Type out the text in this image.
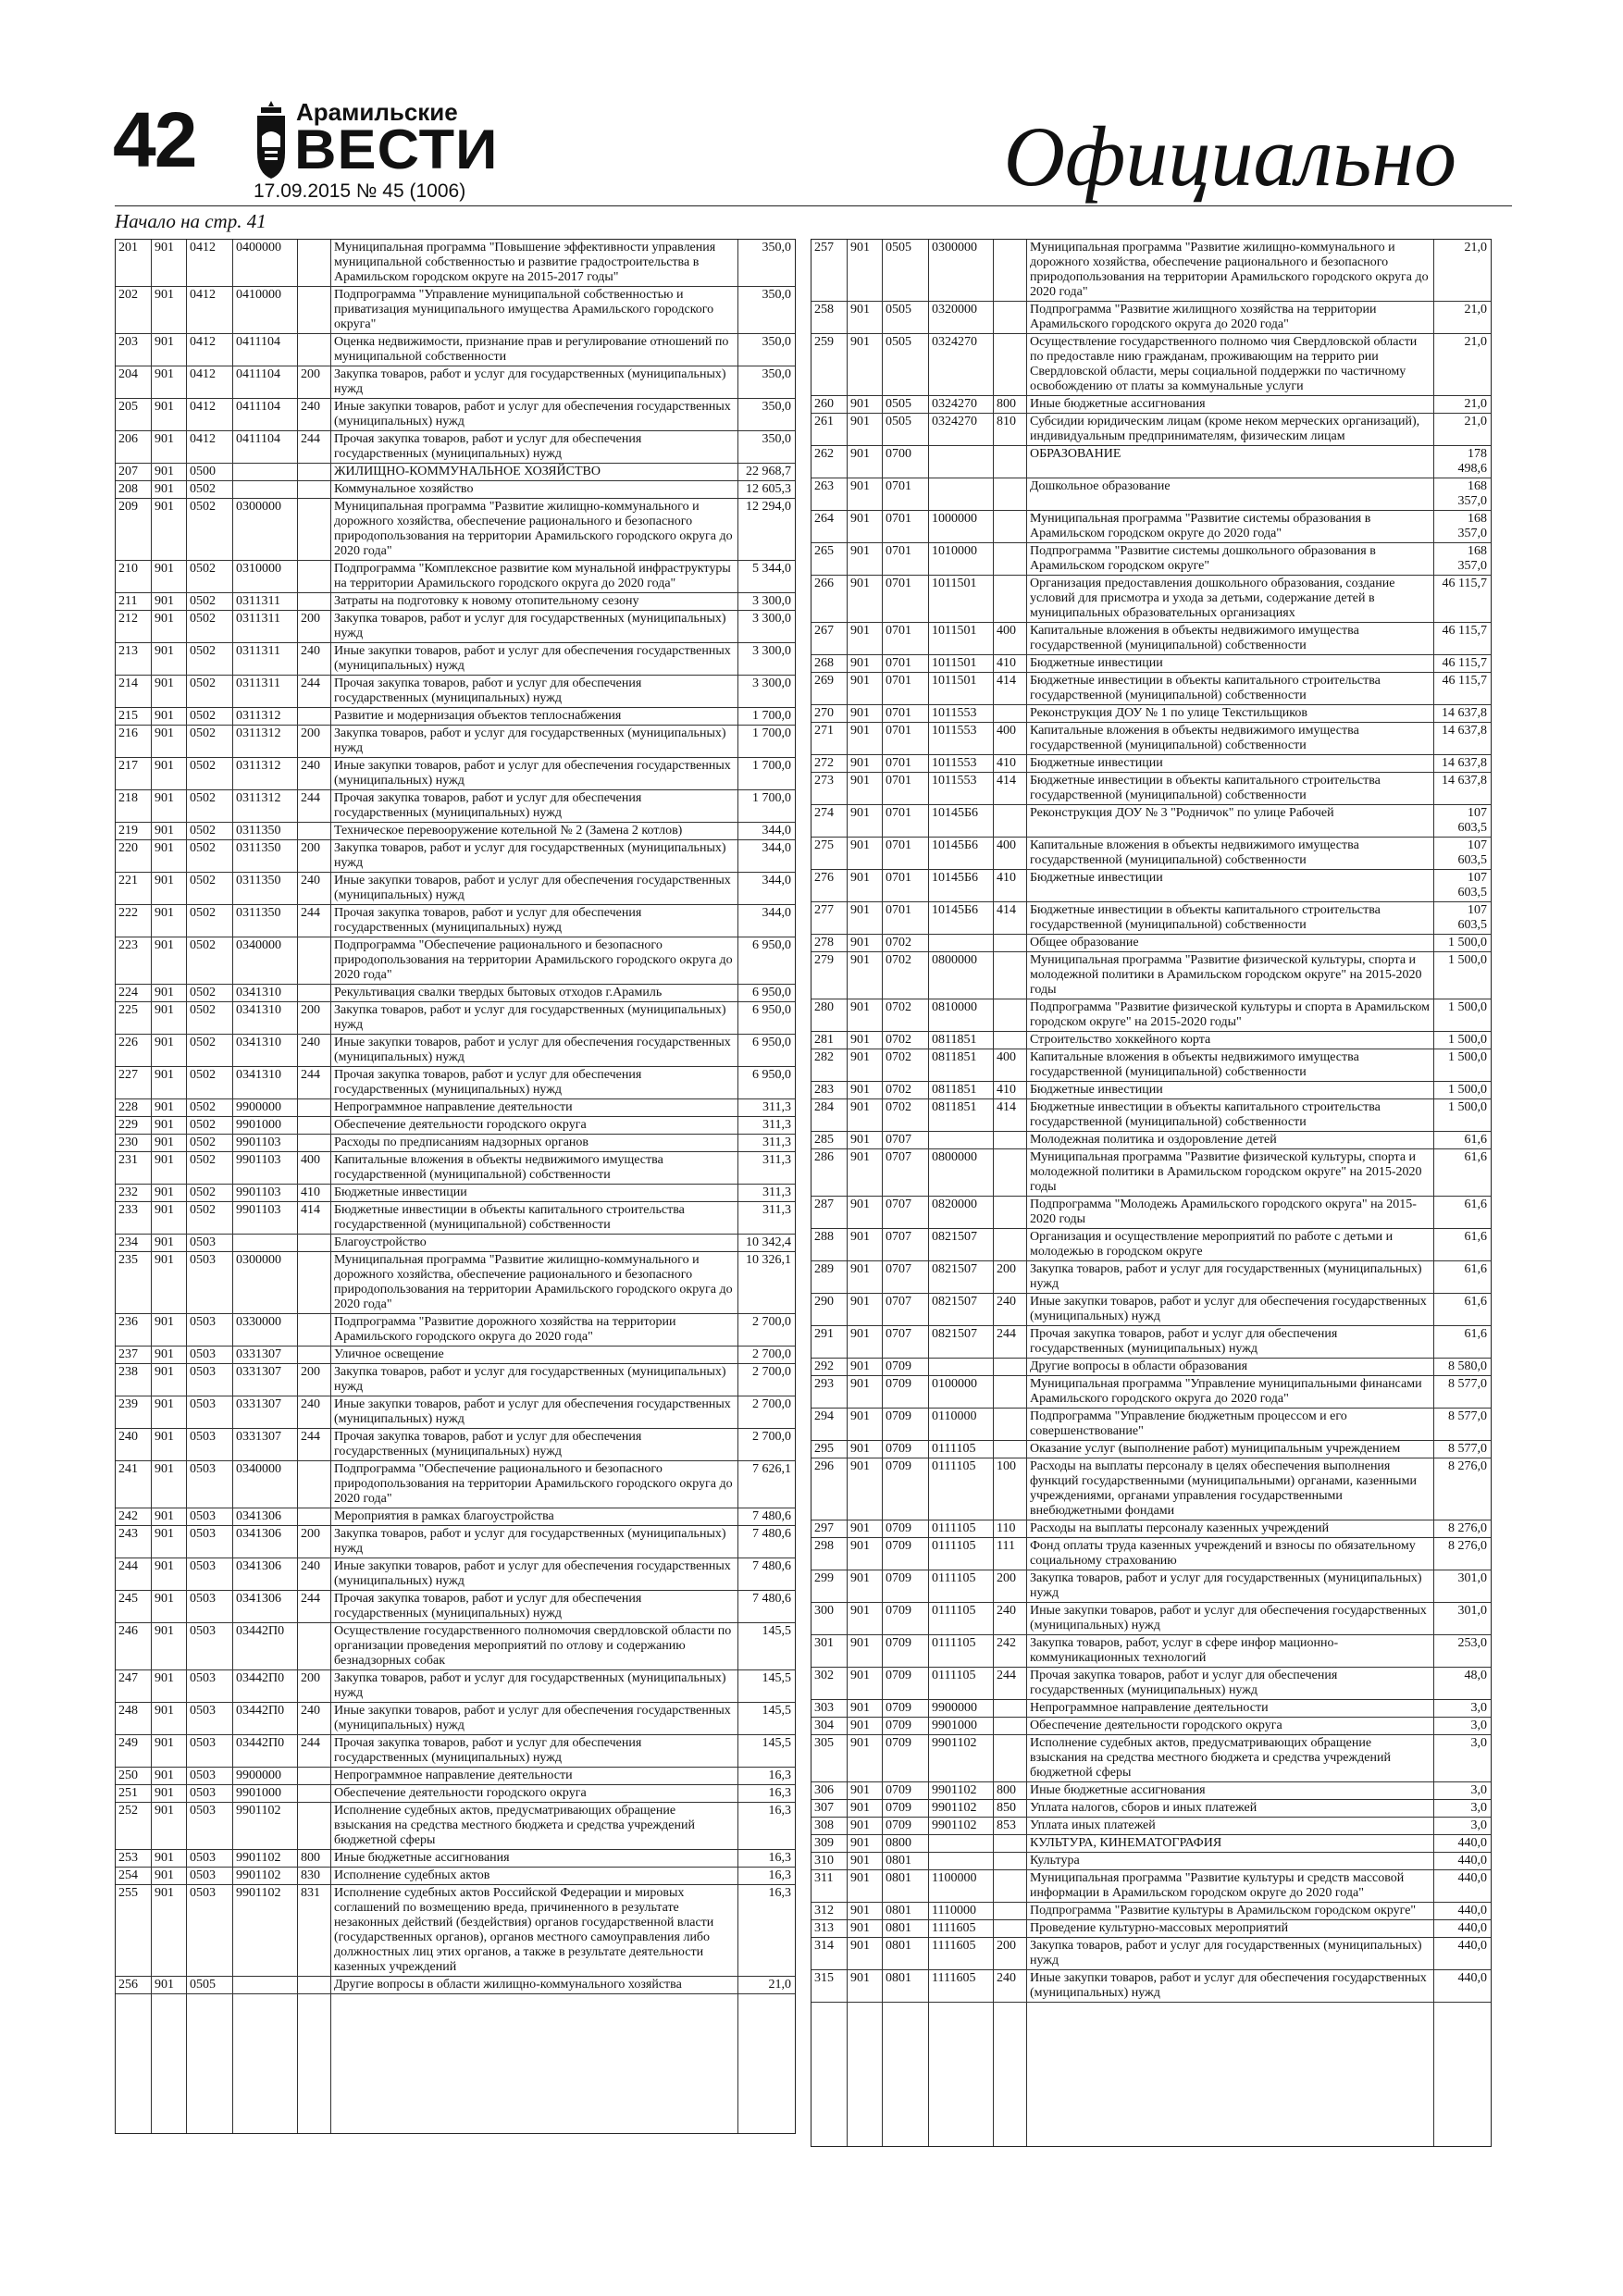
42	Арамильские
ВЕСТИ
17.09.2015 № 45 (1006)	Официально
Начало на стр. 41
201	901	0412	0400000		Муниципальная программа "Повышение эффективности управления муниципальной собственностью и развитие градостроительства в Арамильском городском округе на 2015-2017 годы"	350,0
202	901	0412	0410000		Подпрограмма "Управление муниципальной собственностью и приватизация муниципального имущества Арамильского городского округа"	350,0
203	901	0412	0411104		Оценка недвижимости, признание прав и регулирование отношений по муниципальной собственности	350,0
204	901	0412	0411104	200	Закупка товаров, работ и услуг для государственных (муниципальных) нужд	350,0
205	901	0412	0411104	240	Иные закупки товаров, работ и услуг для обеспечения государственных (муниципальных) нужд	350,0
206	901	0412	0411104	244	Прочая закупка товаров, работ и услуг для обеспечения государственных (муниципальных) нужд	350,0
207	901	0500			ЖИЛИЩНО-КОММУНАЛЬНОЕ ХОЗЯЙСТВО	22 968,7
208	901	0502			Коммунальное хозяйство	12 605,3
209	901	0502	0300000		Муниципальная программа "Развитие жилищно-коммунального и дорожного хозяйства, обеспечение рационального и безопасного природопользования на территории Арамильского городского округа до 2020 года"	12 294,0
210	901	0502	0310000		Подпрограмма "Комплексное развитие ком мунальной инфраструктуры на территории Арамильского городского округа до 2020 года"	5 344,0
211	901	0502	0311311		Затраты на подготовку к новому отопительному сезону	3 300,0
212	901	0502	0311311	200	Закупка товаров, работ и услуг для государственных (муниципальных) нужд	3 300,0
213	901	0502	0311311	240	Иные закупки товаров, работ и услуг для обеспечения государственных (муниципальных) нужд	3 300,0
214	901	0502	0311311	244	Прочая закупка товаров, работ и услуг для обеспечения государственных (муниципальных) нужд	3 300,0
215	901	0502	0311312		Развитие и модернизация объектов теплоснабжения	1 700,0
216	901	0502	0311312	200	Закупка товаров, работ и услуг для государственных (муниципальных) нужд	1 700,0
217	901	0502	0311312	240	Иные закупки товаров, работ и услуг для обеспечения государственных (муниципальных) нужд	1 700,0
218	901	0502	0311312	244	Прочая закупка товаров, работ и услуг для обеспечения государственных (муниципальных) нужд	1 700,0
219	901	0502	0311350		Техническое перевооружение котельной № 2 (Замена 2 котлов)	344,0
220	901	0502	0311350	200	Закупка товаров, работ и услуг для государственных (муниципальных) нужд	344,0
221	901	0502	0311350	240	Иные закупки товаров, работ и услуг для обеспечения государственных (муниципальных) нужд	344,0
222	901	0502	0311350	244	Прочая закупка товаров, работ и услуг для обеспечения государственных (муниципальных) нужд	344,0
223	901	0502	0340000		Подпрограмма "Обеспечение рационального и безопасного природопользования на территории Арамильского городского округа до 2020 года"	6 950,0
224	901	0502	0341310		Рекультивация свалки твердых бытовых отходов г.Арамиль	6 950,0
225	901	0502	0341310	200	Закупка товаров, работ и услуг для государственных (муниципальных) нужд	6 950,0
226	901	0502	0341310	240	Иные закупки товаров, работ и услуг для обеспечения государственных (муниципальных) нужд	6 950,0
227	901	0502	0341310	244	Прочая закупка товаров, работ и услуг для обеспечения государственных (муниципальных) нужд	6 950,0
228	901	0502	9900000		Непрограммное направление деятельности	311,3
229	901	0502	9901000		Обеспечение деятельности городского округа	311,3
230	901	0502	9901103		Расходы по предписаниям надзорных органов	311,3
231	901	0502	9901103	400	Капитальные вложения в объекты недвижимого имущества государственной (муниципальной) собственности	311,3
232	901	0502	9901103	410	Бюджетные инвестиции	311,3
233	901	0502	9901103	414	Бюджетные инвестиции в объекты капитального строительства государственной (муниципальной) собственности	311,3
234	901	0503			Благоустройство	10 342,4
235	901	0503	0300000		Муниципальная программа "Развитие жилищно-коммунального и дорожного хозяйства, обеспечение рационального и безопасного природопользования на территории Арамильского городского округа до 2020 года"	10 326,1
236	901	0503	0330000		Подпрограмма "Развитие дорожного хозяйства на территории Арамильского городского округа до 2020 года"	2 700,0
237	901	0503	0331307		Уличное освещение	2 700,0
238	901	0503	0331307	200	Закупка товаров, работ и услуг для государственных (муниципальных) нужд	2 700,0
239	901	0503	0331307	240	Иные закупки товаров, работ и услуг для обеспечения государственных (муниципальных) нужд	2 700,0
240	901	0503	0331307	244	Прочая закупка товаров, работ и услуг для обеспечения государственных (муниципальных) нужд	2 700,0
241	901	0503	0340000		Подпрограмма "Обеспечение рационального и безопасного природопользования на территории Арамильского городского округа до 2020 года"	7 626,1
242	901	0503	0341306		Мероприятия в рамках благоустройства	7 480,6
243	901	0503	0341306	200	Закупка товаров, работ и услуг для государственных (муниципальных) нужд	7 480,6
244	901	0503	0341306	240	Иные закупки товаров, работ и услуг для обеспечения государственных (муниципальных) нужд	7 480,6
245	901	0503	0341306	244	Прочая закупка товаров, работ и услуг для обеспечения государственных (муниципальных) нужд	7 480,6
246	901	0503	03442П0		Осуществление государственного полномочия свердловской области по организации проведения мероприятий по отлову и содержанию безнадзорных собак	145,5
247	901	0503	03442П0	200	Закупка товаров, работ и услуг для государственных (муниципальных) нужд	145,5
248	901	0503	03442П0	240	Иные закупки товаров, работ и услуг для обеспечения государственных (муниципальных) нужд	145,5
249	901	0503	03442П0	244	Прочая закупка товаров, работ и услуг для обеспечения государственных (муниципальных) нужд	145,5
250	901	0503	9900000		Непрограммное направление деятельности	16,3
251	901	0503	9901000		Обеспечение деятельности городского округа	16,3
252	901	0503	9901102		Исполнение судебных актов, предусматривающих обращение взыскания на средства местного бюджета и средства учреждений бюджетной сферы	16,3
253	901	0503	9901102	800	Иные бюджетные ассигнования	16,3
254	901	0503	9901102	830	Исполнение судебных актов	16,3
255	901	0503	9901102	831	Исполнение судебных актов Российской Федерации и мировых соглашений по возмещению вреда, причиненного в результате незаконных действий (бездействия) органов государственной власти (государственных органов), органов местного самоуправления либо должностных лиц этих органов, а также в результате деятельности казенных учреждений	16,3
256	901	0505			Другие вопросы в области жилищно-коммунального хозяйства	21,0
257	901	0505	0300000		Муниципальная программа "Развитие жилищно-коммунального и дорожного хозяйства, обеспечение рационального и безопасного природопользования на территории Арамильского городского округа до 2020 года"	21,0
258	901	0505	0320000		Подпрограмма "Развитие жилищного хозяйства на территории Арамильского городского округа до 2020 года"	21,0
259	901	0505	0324270		Осуществление государственного полномо чия Свердловской области по предоставле нию гражданам, проживающим на террито рии Свердловской области, меры социальной поддержки по частичному освобождению от платы за коммунальные услуги	21,0
260	901	0505	0324270	800	Иные бюджетные ассигнования	21,0
261	901	0505	0324270	810	Субсидии юридическим лицам (кроме неком мерческих организаций), индивидуальным предпринимателям, физическим лицам	21,0
262	901	0700			ОБРАЗОВАНИЕ	178 498,6
263	901	0701			Дошкольное образование	168 357,0
264	901	0701	1000000		Муниципальная программа "Развитие системы образования в Арамильском городском округе до 2020 года"	168 357,0
265	901	0701	1010000		Подпрограмма "Развитие системы дошкольного образования в Арамильском городском округе"	168 357,0
266	901	0701	1011501		Организация предоставления дошкольного образования, создание условий для присмотра и ухода за детьми, содержание детей в муниципальных образовательных организациях	46 115,7
267	901	0701	1011501	400	Капитальные вложения в объекты недвижимого имущества государственной (муниципальной) собственности	46 115,7
268	901	0701	1011501	410	Бюджетные инвестиции	46 115,7
269	901	0701	1011501	414	Бюджетные инвестиции в объекты капитального строительства государственной (муниципальной) собственности	46 115,7
270	901	0701	1011553		Реконструкция ДОУ № 1 по улице Текстильщиков	14 637,8
271	901	0701	1011553	400	Капитальные вложения в объекты недвижимого имущества государственной (муниципальной) собственности	14 637,8
272	901	0701	1011553	410	Бюджетные инвестиции	14 637,8
273	901	0701	1011553	414	Бюджетные инвестиции в объекты капитального строительства государственной (муниципальной) собственности	14 637,8
274	901	0701	10145Б6		Реконструкция ДОУ № 3 "Родничок" по улице Рабочей	107 603,5
275	901	0701	10145Б6	400	Капитальные вложения в объекты недвижимого имущества государственной (муниципальной) собственности	107 603,5
276	901	0701	10145Б6	410	Бюджетные инвестиции	107 603,5
277	901	0701	10145Б6	414	Бюджетные инвестиции в объекты капитального строительства государственной (муниципальной) собственности	107 603,5
278	901	0702			Общее образование	1 500,0
279	901	0702	0800000		Муниципальная программа "Развитие физической культуры, спорта и молодежной политики в Арамильском городском округе" на 2015-2020 годы	1 500,0
280	901	0702	0810000		Подпрограмма "Развитие физической культуры и спорта в Арамильском городском округе" на 2015-2020 годы"	1 500,0
281	901	0702	0811851		Строительство хоккейного корта	1 500,0
282	901	0702	0811851	400	Капитальные вложения в объекты недвижимого имущества государственной (муниципальной) собственности	1 500,0
283	901	0702	0811851	410	Бюджетные инвестиции	1 500,0
284	901	0702	0811851	414	Бюджетные инвестиции в объекты капитального строительства государственной (муниципальной) собственности	1 500,0
285	901	0707			Молодежная политика и оздоровление детей	61,6
286	901	0707	0800000		Муниципальная программа "Развитие физической культуры, спорта и молодежной политики в Арамильском городском округе" на 2015-2020 годы	61,6
287	901	0707	0820000		Подпрограмма "Молодежь Арамильского городского округа" на 2015-2020 годы	61,6
288	901	0707	0821507		Организация и осуществление мероприятий по работе с детьми и молодежью в городском округе	61,6
289	901	0707	0821507	200	Закупка товаров, работ и услуг для государственных (муниципальных) нужд	61,6
290	901	0707	0821507	240	Иные закупки товаров, работ и услуг для обеспечения государственных (муниципальных) нужд	61,6
291	901	0707	0821507	244	Прочая закупка товаров, работ и услуг для обеспечения государственных (муниципальных) нужд	61,6
292	901	0709			Другие вопросы в области образования	8 580,0
293	901	0709	0100000		Муниципальная программа "Управление муниципальными финансами Арамильского городского округа до 2020 года"	8 577,0
294	901	0709	0110000		Подпрограмма "Управление бюджетным процессом и его совершенствование"	8 577,0
295	901	0709	0111105		Оказание услуг (выполнение работ) муниципальным учреждением	8 577,0
296	901	0709	0111105	100	Расходы на выплаты персоналу в целях обеспечения выполнения функций государственными (муниципальными) органами, казенными учреждениями, органами управления государственными внебюджетными фондами	8 276,0
297	901	0709	0111105	110	Расходы на выплаты персоналу казенных учреждений	8 276,0
298	901	0709	0111105	111	Фонд оплаты труда казенных учреждений и взносы по обязательному социальному страхованию	8 276,0
299	901	0709	0111105	200	Закупка товаров, работ и услуг для государственных (муниципальных) нужд	301,0
300	901	0709	0111105	240	Иные закупки товаров, работ и услуг для обеспечения государственных (муниципальных) нужд	301,0
301	901	0709	0111105	242	Закупка товаров, работ, услуг в сфере инфор мационно-коммуникационных технологий	253,0
302	901	0709	0111105	244	Прочая закупка товаров, работ и услуг для обеспечения государственных (муниципальных) нужд	48,0
303	901	0709	9900000		Непрограммное направление деятельности	3,0
304	901	0709	9901000		Обеспечение деятельности городского округа	3,0
305	901	0709	9901102		Исполнение судебных актов, предусматривающих обращение взыскания на средства местного бюджета и средства учреждений бюджетной сферы	3,0
306	901	0709	9901102	800	Иные бюджетные ассигнования	3,0
307	901	0709	9901102	850	Уплата налогов, сборов и иных платежей	3,0
308	901	0709	9901102	853	Уплата иных платежей	3,0
309	901	0800			КУЛЬТУРА, КИНЕМАТОГРАФИЯ	440,0
310	901	0801			Культура	440,0
311	901	0801	1100000		Муниципальная программа "Развитие культуры и средств массовой информации в Арамильском городском округе до 2020 года"	440,0
312	901	0801	1110000		Подпрограмма "Развитие культуры в Арамильском городском округе"	440,0
313	901	0801	1111605		Проведение культурно-массовых мероприятий	440,0
314	901	0801	1111605	200	Закупка товаров, работ и услуг для государственных (муниципальных) нужд	440,0
315	901	0801	1111605	240	Иные закупки товаров, работ и услуг для обеспечения государственных (муниципальных) нужд	440,0
